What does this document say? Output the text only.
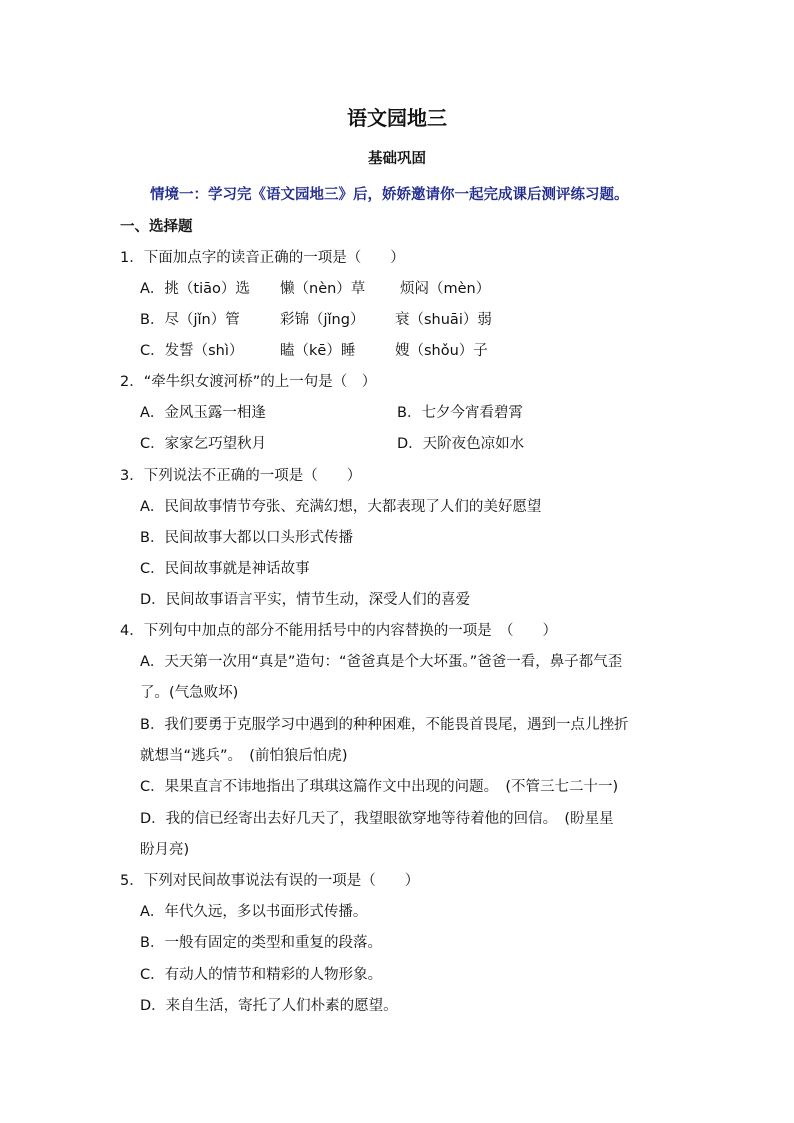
语文园地三
基础巩固
情境一：学习完《语文园地三》后，娇娇邀请你一起完成课后测评练习题。
一、选择题
1．下面加点字的读音正确的一项是（　　）
A．挑（tiāo）选	懒（nèn）草	烦闷（mèn）
B．尽（jǐn）管	彩锦（jǐng）	衰（shuāi）弱
C．发誓（shì）	瞌（kē）睡	嫂（shǒu）子
2．“牵牛织女渡河桥”的上一句是（　）
A．金风玉露一相逢	B．七夕今宵看碧霄
C．家家乞巧望秋月	D．天阶夜色凉如水
3．下列说法不正确的一项是（　　）
A．民间故事情节夸张、充满幻想，大都表现了人们的美好愿望
B．民间故事大都以口头形式传播
C．民间故事就是神话故事
D．民间故事语言平实，情节生动，深受人们的喜爱
4．下列句中加点的部分不能用括号中的内容替换的一项是　（　　）
A．天天第一次用“真是”造句：“爸爸真是个大坏蛋。”爸爸一看，鼻子都气歪
了。(气急败坏)
B．我们要勇于克服学习中遇到的种种困难，不能畏首畏尾，遇到一点儿挫折
就想当“逃兵”。　(前怕狼后怕虎)
C．果果直言不讳地指出了琪琪这篇作文中出现的问题。　(不管三七二十一)
D．我的信已经寄出去好几天了，我望眼欲穿地等待着他的回信。　(盼星星
盼月亮)
5．下列对民间故事说法有误的一项是（　　）
A．年代久远，多以书面形式传播。
B．一般有固定的类型和重复的段落。
C．有动人的情节和精彩的人物形象。
D．来自生活，寄托了人们朴素的愿望。
